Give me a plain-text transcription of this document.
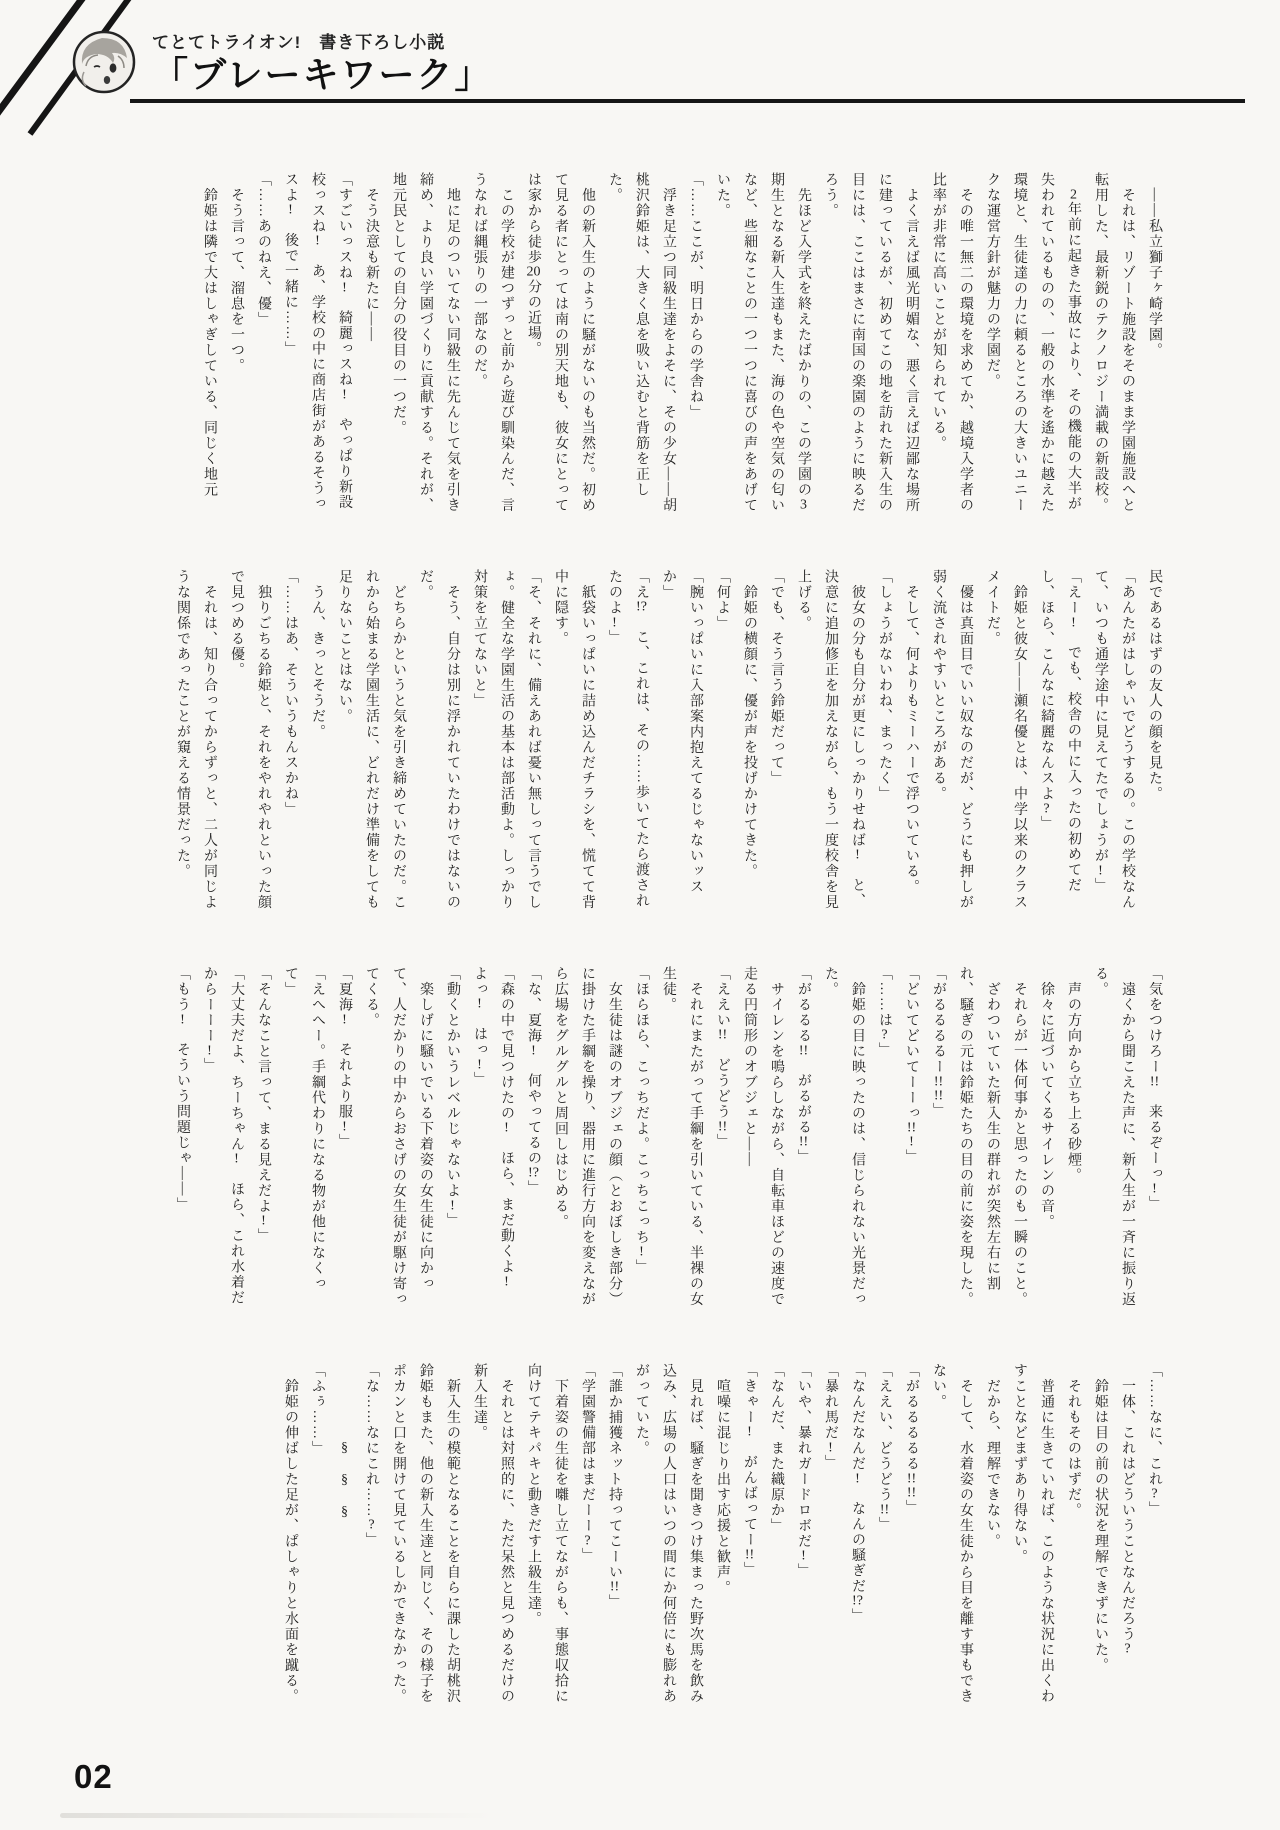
てとてトライオン!　書き下ろし小説
「ブレーキワーク」

　――私立獅子ヶ崎学園。

　それは、リゾート施設をそのまま学園施設へと転用した、最新鋭のテクノロジー満載の新設校。

　2年前に起きた事故により、その機能の大半が失われているものの、一般の水準を遙かに越えた環境と、生徒達の力に頼るところの大きいユニークな運営方針が魅力の学園だ。

　その唯一無二の環境を求めてか、越境入学者の比率が非常に高いことが知られている。

　よく言えば風光明媚な、悪く言えば辺鄙な場所に建っているが、初めてこの地を訪れた新入生の目には、ここはまさに南国の楽園のように映るだろう。

　先ほど入学式を終えたばかりの、この学園の3期生となる新入生達もまた、海の色や空気の匂いなど、些細なことの一つ一つに喜びの声をあげていた。

「……ここが、明日からの学舎ね」

　浮き足立つ同級生達をよそに、その少女――胡桃沢鈴姫は、大きく息を吸い込むと背筋を正した。

　他の新入生のように騒がないのも当然だ。初めて見る者にとっては南の別天地も、彼女にとっては家から徒歩20分の近場。

　この学校が建つずっと前から遊び馴染んだ、言うなれば縄張りの一部なのだ。

　地に足のついてない同級生に先んじて気を引き締め、より良い学園づくりに貢献する。それが、地元民としての自分の役目の一つだ。

　そう決意も新たに――

「すごいっスね!　綺麗っスね!　やっぱり新設校っスね!　あ、学校の中に商店街があるそうっスよ!　後で一緒に……」

「……あのねえ、優」

　そう言って、溜息を一つ。

　鈴姫は隣で大はしゃぎしている、同じく地元

民であるはずの友人の顔を見た。

「あんたがはしゃいでどうするの。この学校なんて、いつも通学途中に見えてたでしょうが!」

「えー!　でも、校舎の中に入ったの初めてだし、ほら、こんなに綺麗なんスよ?」

　鈴姫と彼女――瀬名優とは、中学以来のクラスメイトだ。

　優は真面目でいい奴なのだが、どうにも押しが弱く流されやすいところがある。

　そして、何よりもミーハーで浮ついている。

「しょうがないわね、まったく」

　彼女の分も自分が更にしっかりせねば!　と、決意に追加修正を加えながら、もう一度校舎を見上げる。

「でも、そう言う鈴姫だって」

　鈴姫の横顔に、優が声を投げかけてきた。

「何よ」

「腕いっぱいに入部案内抱えてるじゃないッスか」

「え!?　こ、これは、その……歩いてたら渡されたのよ!」

　紙袋いっぱいに詰め込んだチラシを、慌てて背中に隠す。

「そ、それに、備えあれば憂い無しって言うでしょ。健全な学園生活の基本は部活動よ。しっかり対策を立てないと」

　そう、自分は別に浮かれていたわけではないのだ。

　どちらかというと気を引き締めていたのだ。これから始まる学園生活に、どれだけ準備をしても足りないことはない。

　うん、きっとそうだ。

「……はあ、そういうもんスかね」

　独りごちる鈴姫と、それをやれやれといった顔で見つめる優。

　それは、知り合ってからずっと、二人が同じような関係であったことが窺える情景だった。

「気をつけろー!!　来るぞーっ!」

　遠くから聞こえた声に、新入生が一斉に振り返る。

　声の方向から立ち上る砂煙。

　徐々に近づいてくるサイレンの音。

　それらが一体何事かと思ったのも一瞬のこと。

　ざわついていた新入生の群れが突然左右に割れ、騒ぎの元は鈴姫たちの目の前に姿を現した。

「がるるるるー!!!!」

「どいてどいてーーっ!!!」

「……は?」

　鈴姫の目に映ったのは、信じられない光景だった。

「がるるる!!　がるがる!!」

　サイレンを鳴らしながら、自転車ほどの速度で走る円筒形のオブジェと――

「ええい!!　どうどう!!」

　それにまたがって手綱を引いている、半裸の女生徒。

「ほらほら、こっちだよ。こっちこっち!」

　女生徒は謎のオブジェの顔（とおぼしき部分）に掛けた手綱を操り、器用に進行方向を変えながら広場をグルグルと周回しはじめる。

「な、夏海!　何やってるの!?」

「森の中で見つけたの!　ほら、まだ動くよ!　よっ!　はっ!」

「動くとかいうレベルじゃないよ!」

　楽しげに騒いでいる下着姿の女生徒に向かって、人だかりの中からおさげの女生徒が駆け寄ってくる。

「夏海!　それより服!」

「えへへー。手綱代わりになる物が他になくって」

「そんなこと言って、まる見えだよ!」

「大丈夫だよ、ちーちゃん!　ほら、これ水着だからーーー!」

「もう!　そういう問題じゃ――」

「……なに、これ?」

　一体、これはどういうことなんだろう?

　鈴姫は目の前の状況を理解できずにいた。

　それもそのはずだ。

　普通に生きていれば、このような状況に出くわすことなどまずあり得ない。

　だから、理解できない。

　そして、水着姿の女生徒から目を離す事もできない。

「がるるるるる!!!!」

「ええい、どうどう!!」

「なんだなんだ!　なんの騒ぎだ!?」

「暴れ馬だ!」

「いや、暴れガードロボだ!」

「なんだ、また織原か」

「きゃー!　がんばってー!!」

　喧噪に混じり出す応援と歓声。

　見れば、騒ぎを聞きつけ集まった野次馬を飲み込み、広場の人口はいつの間にか何倍にも膨れあがっていた。

「誰か捕獲ネット持ってこーい!!」

「学園警備部はまだーー?」

　下着姿の生徒を囃し立てながらも、事態収拾に向けてテキパキと動きだす上級生達。

　それとは対照的に、ただ呆然と見つめるだけの新入生達。

　新入生の模範となることを自らに課した胡桃沢鈴姫もまた、他の新入生達と同じく、その様子をポカンと口を開けて見ているしかできなかった。

「な……なにこれ……?」

　　　　　§　§　§

「ふぅ……」

　鈴姫の伸ばした足が、ぱしゃりと水面を蹴る。

02
